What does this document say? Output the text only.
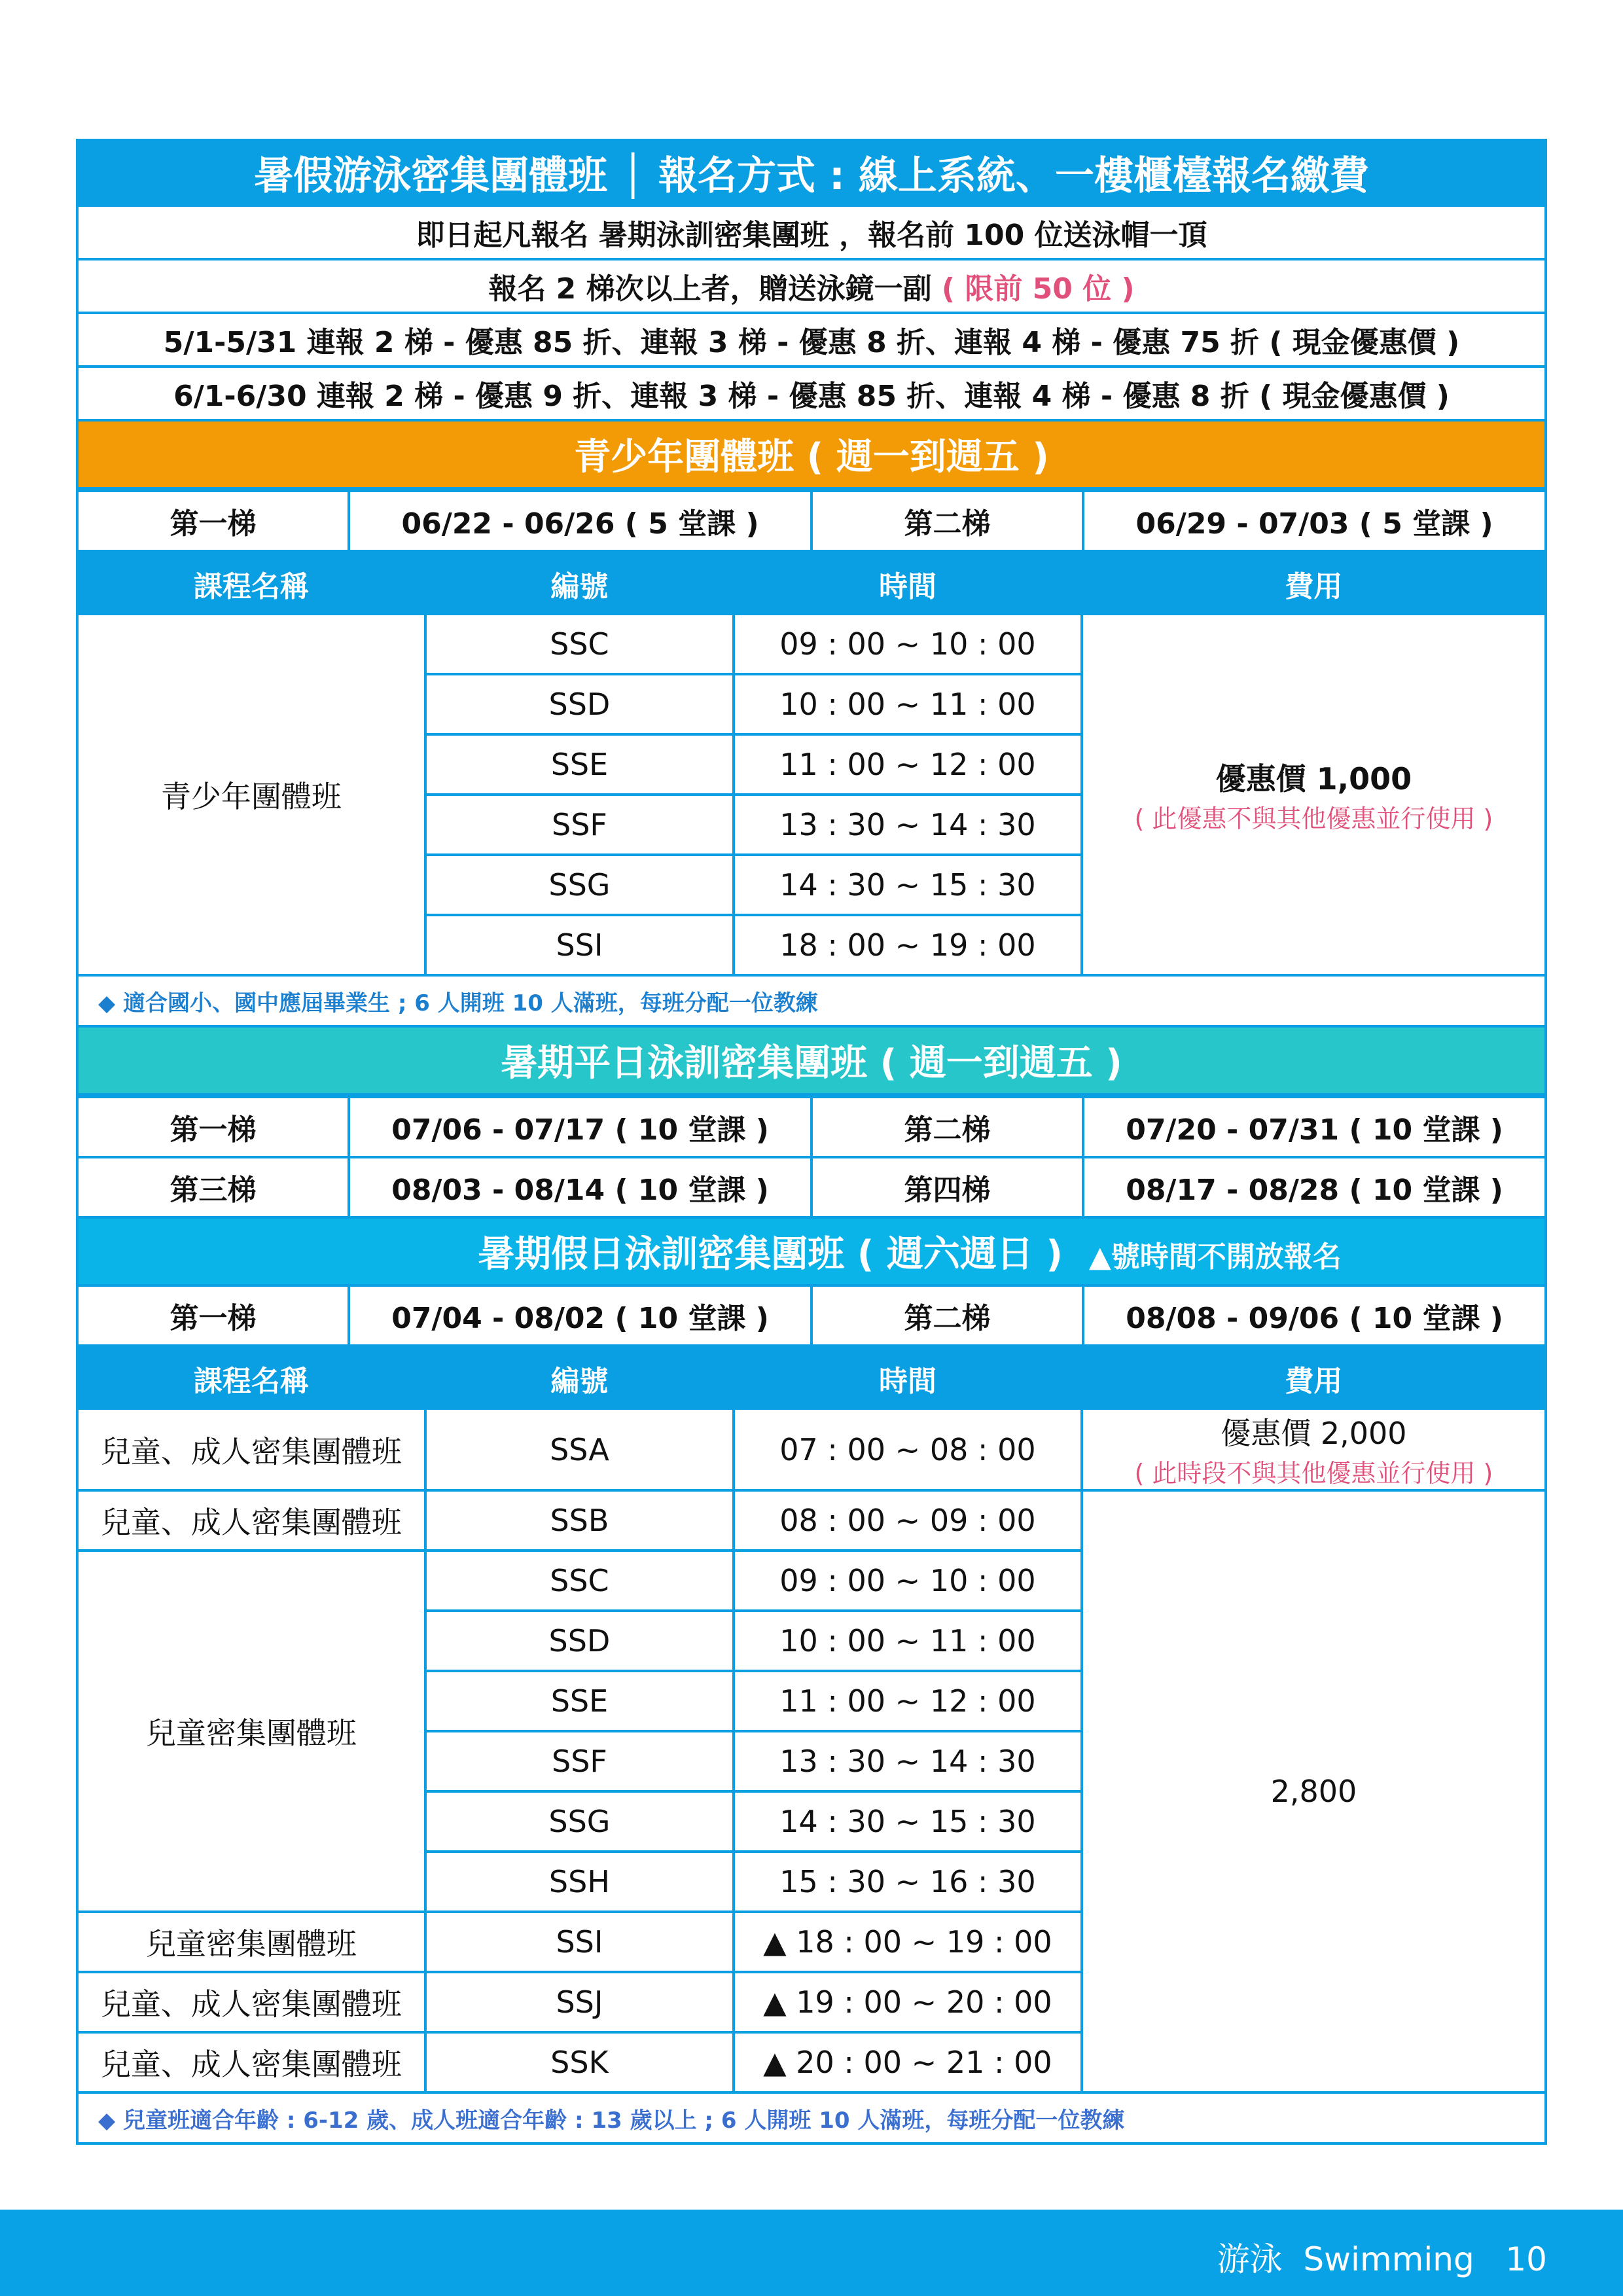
暑假游泳密集團體班 │ 報名方式 : 線上系統、一樓櫃檯報名繳費
即日起凡報名 暑期泳訓密集團班 ，報名前 100 位送泳帽一頂
報名 2 梯次以上者，贈送泳鏡一副 ( 限前 50 位 )
5/1-5/31 連報 2 梯 - 優惠 85 折、連報 3 梯 - 優惠 8 折、連報 4 梯 - 優惠 75 折 ( 現金優惠價 )
6/1-6/30 連報 2 梯 - 優惠 9 折、連報 3 梯 - 優惠 85 折、連報 4 梯 - 優惠 8 折 ( 現金優惠價 )
青少年團體班 ( 週一到週五 )
第一梯	06/22 - 06/26 ( 5 堂課 )	第二梯	06/29 - 07/03 ( 5 堂課 )
課程名稱	編號	時間	費用
青少年團體班	SSC	09 : 00 ~ 10 : 00	優惠價 1,000
( 此優惠不與其他優惠並行使用 )

	SSD	10 : 00 ~ 11 : 00	
	SSE	11 : 00 ~ 12 : 00	
	SSF	13 : 30 ~ 14 : 30	
	SSG	14 : 30 ~ 15 : 30	
	SSI	18 : 00 ~ 19 : 00	
◆ 適合國小、國中應屆畢業生 ; 6 人開班 10 人滿班，每班分配一位教練			
暑期平日泳訓密集團班 ( 週一到週五 )			
第一梯	07/06 - 07/17 ( 10 堂課 )	第二梯	07/20 - 07/31 ( 10 堂課 )
第三梯	08/03 - 08/14 ( 10 堂課 )	第四梯	08/17 - 08/28 ( 10 堂課 )
暑期假日泳訓密集團班 ( 週六週日 ) ▲號時間不開放報名			
第一梯	07/04 - 08/02 ( 10 堂課 )	第二梯	08/08 - 09/06 ( 10 堂課 )
課程名稱	編號	時間	費用
兒童、成人密集團體班	SSA	07 : 00 ~ 08 : 00	優惠價 2,000
( 此時段不與其他優惠並行使用 )

兒童、成人密集團體班	SSB	08 : 00 ~ 09 : 00	2,800
兒童密集團體班	SSC	09 : 00 ~ 10 : 00	
	SSD	10 : 00 ~ 11 : 00	
	SSE	11 : 00 ~ 12 : 00	
	SSF	13 : 30 ~ 14 : 30	
	SSG	14 : 30 ~ 15 : 30	
	SSH	15 : 30 ~ 16 : 30	
兒童密集團體班	SSI	▲ 18 : 00 ~ 19 : 00	
兒童、成人密集團體班	SSJ	▲ 19 : 00 ~ 20 : 00	
兒童、成人密集團體班	SSK	▲ 20 : 00 ~ 21 : 00	
◆ 兒童班適合年齡 : 6-12 歲、成人班適合年齡 : 13 歲以上 ; 6 人開班 10 人滿班，每班分配一位教練			
游泳  Swimming   10
